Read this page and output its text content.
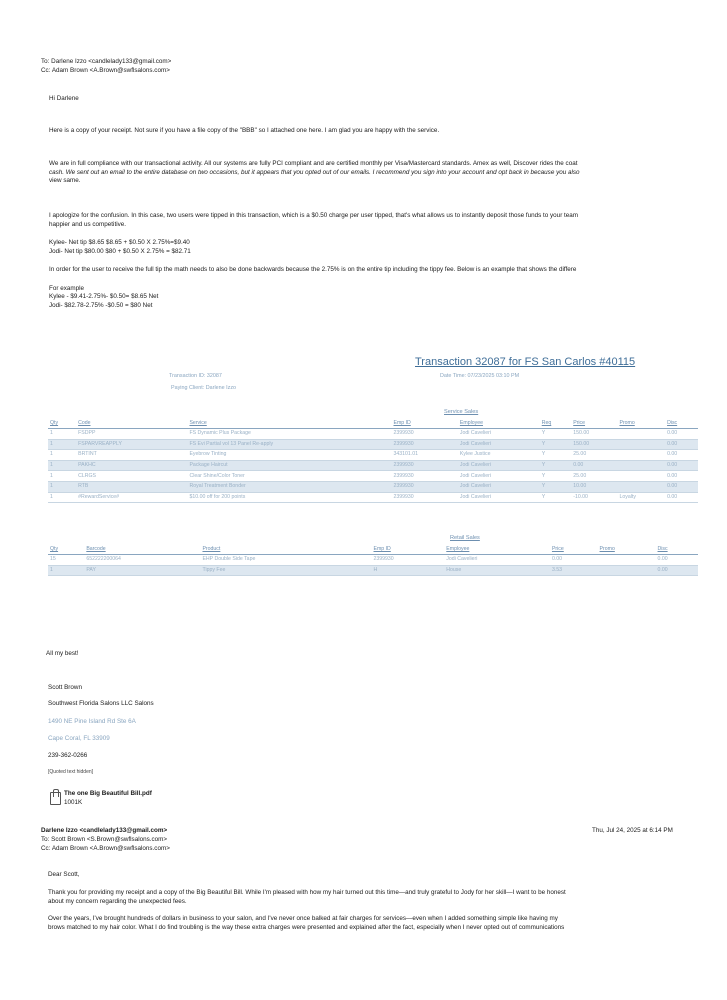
To: Darlene Izzo <candlelady133@gmail.com>
Cc: Adam Brown <A.Brown@swflsalons.com>
Hi Darlene
Here is a copy of your receipt. Not sure if you have a file copy of the "BBB" so I attached one here. I am glad you are happy with the service.
We are in full compliance with our transactional activity. All our systems are fully PCI compliant and are certified monthly per Visa/Mastercard standards. Amex as well, Discover rides the coat
cash. We sent out an email to the entire database on two occasions, but it appears that you opted out of our emails. I recommend you sign into your account and opt back in because you also
view same.
I apologize for the confusion. In this case, two users were tipped in this transaction, which is a $0.50 charge per user tipped, that's what allows us to instantly deposit those funds to your team
happier and us competitive.
Kylee- Net tip $8.65 $8.65 + $0.50 X 2.75%=$9.40
Jodi- Net tip $80.00 $80 + $0.50 X 2.75% = $82.71
In order for the user to receive the full tip the math needs to also be done backwards because the 2.75% is on the entire tip including the tippy fee. Below is an example that shows the differe
For example
Kylee - $9.41-2.75%- $0.50= $8.65 Net
Jodi- $82.78-2.75% -$0.50 = $80 Net
Transaction 32087 for FS San Carlos #40115
Transaction ID: 32087
Paying Client: Darlene Izzo
Date Time: 07/23/2025 03:10 PM
Service Sales
Qty	Code	Service	Emp ID	Employee	Req	Price	Promo	Disc
1	FSDPP	FS Dynamic Plus Package	2399930	Jodi Cavelieri	Y	150.00		0.00
1	FSPARVREAPPLY	FS Evi Partial vol 13 Panel Re-apply	2399930	Jodi Cavelieri	Y	150.00		0.00
1	BRTINT	Eyebrow Tinting	343101.01	Kylee Justice	Y	25.00		0.00
1	PAKHC	Package Haircut	2399930	Jodi Cavelieri	Y	0.00		0.00
1	CLRGS	Clear Shine/Color Toner	2399930	Jodi Cavelieri	Y	25.00		0.00
1	RTB	Royal Treatment Bonder	2399930	Jodi Cavelieri	Y	10.00		0.00
1	#RewardService#	$10.00 off for 200 points	2399930	Jodi Cavelieri	Y	-10.00	Loyalty	0.00
Retail Sales
Qty	Barcode	Product	Emp ID	Employee	Price	Promo	Disc
15	652222200064	EHP Double Side Tape	2399930	Jodi Cavelieri	0.00		0.00
1	PAY	Tippy Fee	H	House	3.53		0.00
All my best!
Scott Brown
Southwest Florida Salons LLC Salons
1490 NE Pine Island Rd Ste 6A
Cape Coral, FL 33909
239-362-0266
[Quoted text hidden]
The one Big Beautiful Bill.pdf
1001K
Darlene Izzo <candlelady133@gmail.com>
To: Scott Brown <S.Brown@swflsalons.com>
Cc: Adam Brown <A.Brown@swflsalons.com>
Thu, Jul 24, 2025 at 6:14 PM
Dear Scott,
Thank you for providing my receipt and a copy of the Big Beautiful Bill. While I'm pleased with how my hair turned out this time—and truly grateful to Jody for her skill—I want to be honest
about my concern regarding the unexpected fees.
Over the years, I've brought hundreds of dollars in business to your salon, and I've never once balked at fair charges for services—even when I added something simple like having my
brows matched to my hair color. What I do find troubling is the way these extra charges were presented and explained after the fact, especially when I never opted out of communications
